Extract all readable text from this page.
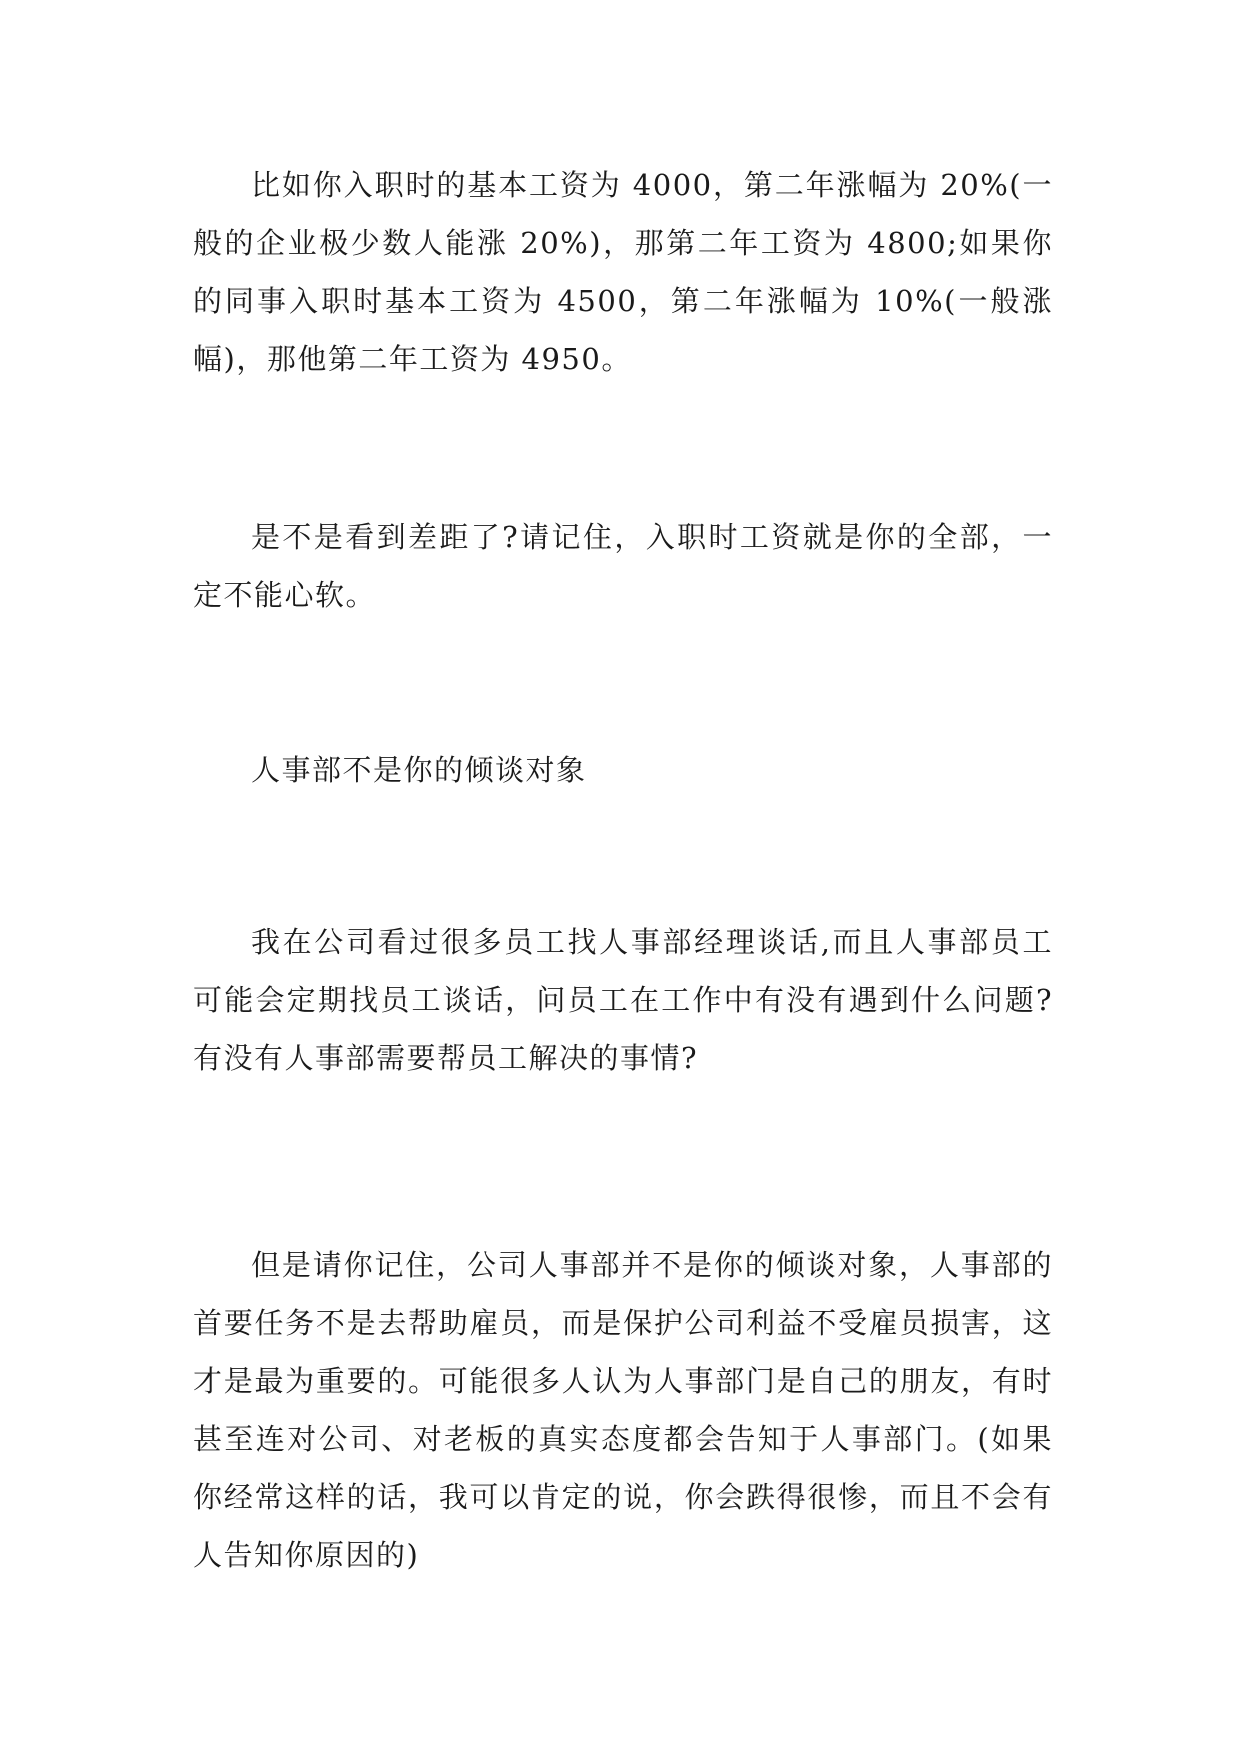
比如你入职时的基本工资为 4000，第二年涨幅为 20%(一般的企业极少数人能涨 20%)，那第二年工资为 4800;如果你的同事入职时基本工资为 4500，第二年涨幅为 10%(一般涨幅)，那他第二年工资为 4950。

是不是看到差距了?请记住，入职时工资就是你的全部，一定不能心软。

人事部不是你的倾谈对象

我在公司看过很多员工找人事部经理谈话,而且人事部员工可能会定期找员工谈话，问员工在工作中有没有遇到什么问题?有没有人事部需要帮员工解决的事情?

但是请你记住，公司人事部并不是你的倾谈对象，人事部的首要任务不是去帮助雇员，而是保护公司利益不受雇员损害，这才是最为重要的。可能很多人认为人事部门是自己的朋友，有时甚至连对公司、对老板的真实态度都会告知于人事部门。(如果你经常这样的话，我可以肯定的说，你会跌得很惨，而且不会有人告知你原因的)
